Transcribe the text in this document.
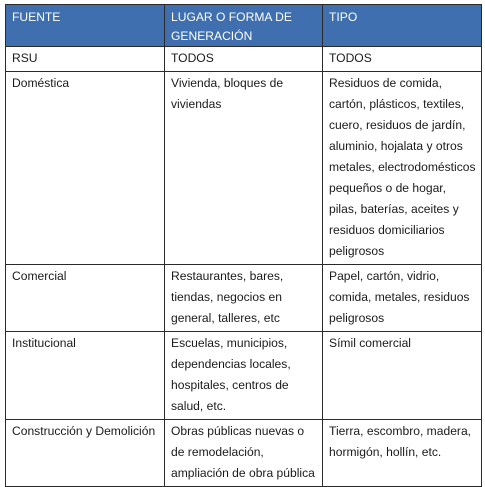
FUENTE	LUGAR O FORMA DE GENERACIÓN	TIPO

RSU	TODOS	TODOS

Doméstica	Vivienda, bloques de viviendas	Residuos de comida, cartón, plásticos, textiles, cuero, residuos de jardín, aluminio, hojalata y otros metales, electrodomésticos pequeños o de hogar, pilas, baterías, aceites y residuos domiciliarios peligrosos

Comercial	Restaurantes, bares, tiendas, negocios en general, talleres, etc	Papel, cartón, vidrio, comida, metales, residuos peligrosos

Institucional	Escuelas, municipios, dependencias locales, hospitales, centros de salud, etc.	Símil comercial

Construcción y Demolición	Obras públicas nuevas o de remodelación, ampliación de obra pública	Tierra, escombro, madera, hormigón, hollín, etc.
